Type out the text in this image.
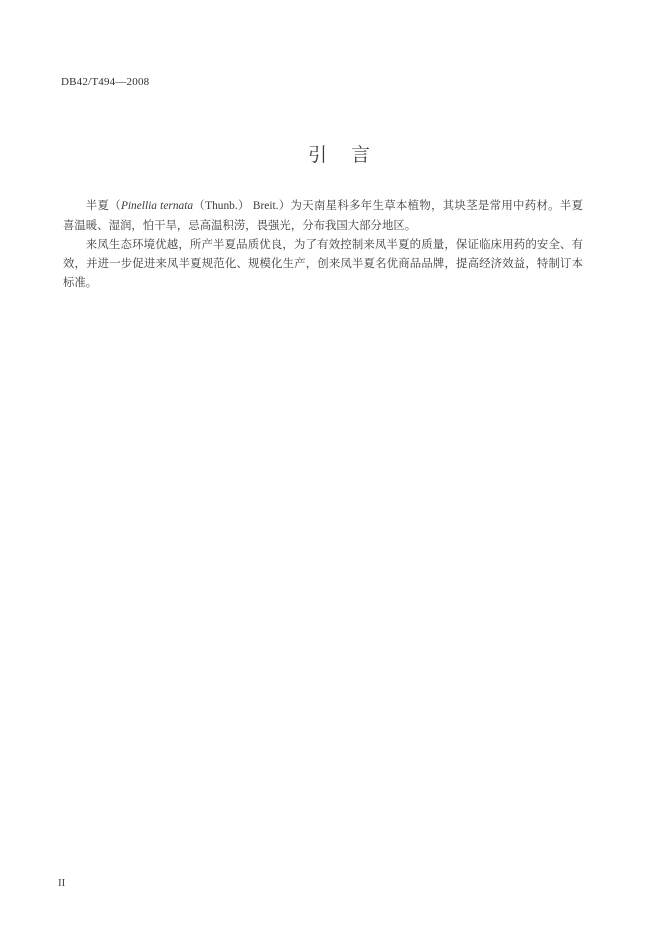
DB42/T494—2008
引言

半夏（Pinellia ternata（Thunb.） Breit.）为天南星科多年生草本植物，其块茎是常用中药材。半夏喜温暖、湿润，怕干旱，忌高温积涝，畏强光，分布我国大部分地区。

来凤生态环境优越，所产半夏品质优良，为了有效控制来凤半夏的质量，保证临床用药的安全、有效，并进一步促进来凤半夏规范化、规模化生产，创来凤半夏名优商品品牌，提高经济效益，特制订本标准。

II
